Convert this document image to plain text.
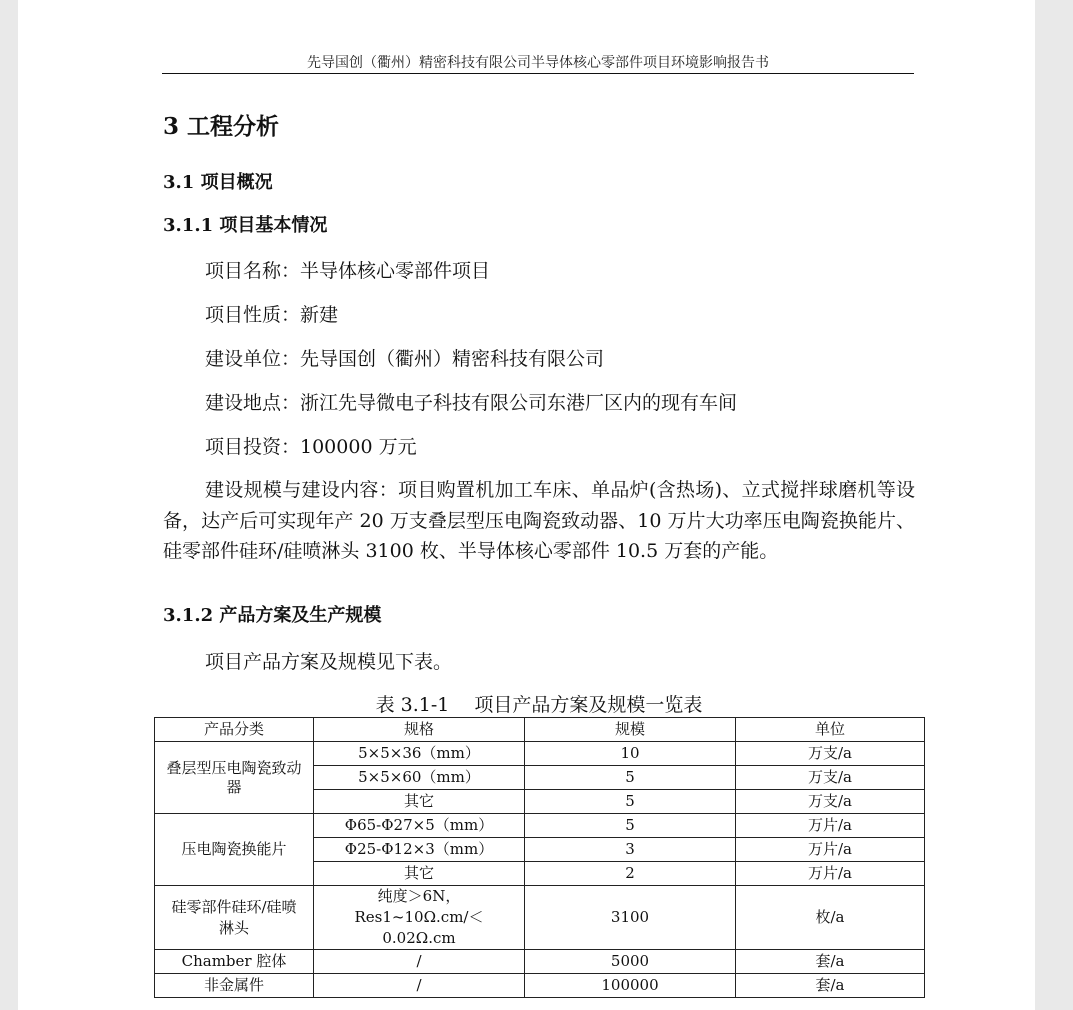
先导国创（衢州）精密科技有限公司半导体核心零部件项目环境影响报告书
3 工程分析
3.1 项目概况
3.1.1 项目基本情况
项目名称：半导体核心零部件项目
项目性质：新建
建设单位：先导国创（衢州）精密科技有限公司
建设地点：浙江先导微电子科技有限公司东港厂区内的现有车间
项目投资：100000 万元
建设规模与建设内容：项目购置机加工车床、单品炉(含热场)、立式搅拌球磨机等设备，达产后可实现年产 20 万支叠层型压电陶瓷致动器、10 万片大功率压电陶瓷换能片、硅零部件硅环/硅喷淋头 3100 枚、半导体核心零部件 10.5 万套的产能。
3.1.2 产品方案及生产规模
项目产品方案及规模见下表。
表 3.1-1　 项目产品方案及规模一览表
产品分类	规格	规模	单位
叠层型压电陶瓷致动器	5×5×36（mm）	10	万支/a
	5×5×60（mm）	5	万支/a
	其它	5	万支/a
压电陶瓷换能片	Φ65-Φ27×5（mm）	5	万片/a
	Φ25-Φ12×3（mm）	3	万片/a
	其它	2	万片/a
硅零部件硅环/硅喷淋头	纯度＞6N，Res1~10Ω.cm/＜0.02Ω.cm	3100	枚/a
Chamber 腔体	/	5000	套/a
非金属件	/	100000	套/a
